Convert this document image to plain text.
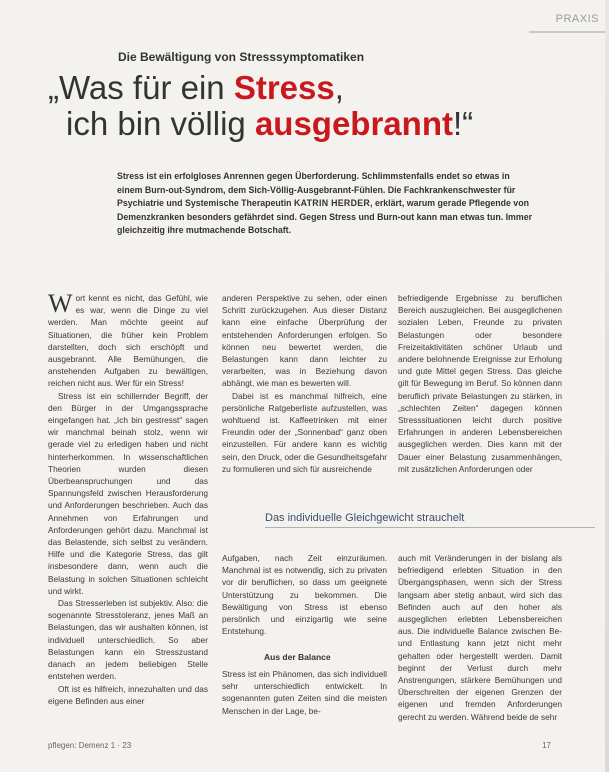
PRAXIS
Die Bewältigung von Stresssymptomatiken
„Was für ein Stress,
ich bin völlig ausgebrannt!“

Stress ist ein erfolgloses Anrennen gegen Überforderung. Schlimmstenfalls endet so etwas in einem Burn-out-Syndrom, dem Sich-Völlig-Ausgebrannt-Fühlen. Die Fachkrankenschwester für Psychiatrie und Systemische Therapeutin KATRIN HERDER, erklärt, warum gerade Pflegende von Demenzkranken besonders gefährdet sind. Gegen Stress und Burn-out kann man etwas tun. Immer gleichzeitig ihre mutmachende Botschaft.

Wort kennt es nicht, das Gefühl, wie es war, wenn die Dinge zu viel werden. Man möchte geeint auf Situationen, die früher kein Problem darstellten, doch sich erschöpft und ausgebrannt. Alle Bemühungen, die anstehenden Aufgaben zu bewältigen, reichen nicht aus. Wer für ein Stress!

Stress ist ein schillernder Begriff, der den Bürger in der Umgangssprache eingefangen hat. „Ich bin gestresst“ sagen wir manchmal beinah stolz, wenn wir gerade viel zu erledigen haben und nicht hinterherkommen. In wissenschaftlichen Theorien wurden diesen Überbeanspruchungen und das Spannungsfeld zwischen Herausforderung und Anforderungen beschrieben. Auch das Annehmen von Erfahrungen und Anforderungen gehört dazu. Manchmal ist das Belastende, sich selbst zu verändern. Hilfe und die Kategorie Stress, das gilt insbesondere dann, wenn auch die Belastung in solchen Situationen schleicht und wirkt.

Das Stresserleben ist subjektiv. Also: die sogenannte Stresstoleranz, jenes Maß an Belastungen, das wir aushalten können, ist individuell unterschiedlich. So aber Belastungen kann ein Stresszustand danach an jedem beliebigen Stelle entstehen werden.

Oft ist es hilfreich, innezuhalten und das eigene Befinden aus einer

anderen Perspektive zu sehen, oder einen Schritt zurückzugehen. Aus dieser Distanz kann eine einfache Überprüfung der entstehenden Anforderungen erfolgen. So können neu bewertet werden, die Belastungen kann dann leichter zu verarbeiten, was in Beziehung davon abhängt, wie man es bewerten will.

Dabei ist es manchmal hilfreich, eine persönliche Ratgeberliste aufzustellen, was wohltuend ist. Kaffeetrinken mit einer Freundin oder der „Sonnenbad“ ganz oben einzustellen. Für andere kann es wichtig sein, den Druck, oder die Gesundheitsgefahr zu formulieren und sich für ausreichende

befriedigende Ergebnisse zu beruflichen Bereich auszugleichen. Bei ausgeglichenen sozialen Leben, Freunde zu privaten Belastungen oder besondere Freizeitaktivitäten schöner Urlaub und andere belohnende Ereignisse zur Erholung und gute Mittel gegen Stress. Das gleiche gilt für Bewegung im Beruf. So können dann beruflich private Belastungen zu stärken, in „schlechten Zeiten“ dagegen können Stresssituationen leicht durch positive Erfahrungen in anderen Lebensbereichen ausgeglichen werden. Dies kann mit der Dauer einer Belastung zusammenhängen, mit zusätzlichen Anforderungen oder

Das individuelle Gleichgewicht strauchelt

Aufgaben, nach Zeit einzuräumen. Manchmal ist es notwendig, sich zu privaten vor dir beruflichen, so dass um geeignete Unterstützung zu bekommen. Die Bewältigung von Stress ist ebenso persönlich und einzigartig wie seine Entstehung.

Aus der Balance

Stress ist ein Phänomen, das sich individuell sehr unterschiedlich entwickelt. In sogenannten guten Zeiten sind die meisten Menschen in der Lage, be-

auch mit Veränderungen in der bislang als befriedigend erlebten Situation in den Übergangsphasen, wenn sich der Stress langsam aber stetig anbaut, wird sich das Befinden auch auf den hoher als ausgeglichen erlebten Lebensbereichen aus. Die individuelle Balance zwischen Be- und Entlastung kann jetzt nicht mehr gehalten oder hergestellt werden. Damit beginnt der Verlust durch mehr Anstrengungen, stärkere Bemühungen und Überschreiten der eigenen Grenzen der eigenen und fremden Anforderungen gerecht zu werden. Während beide de sehr

pflegen: Demenz 1 · 23	17
